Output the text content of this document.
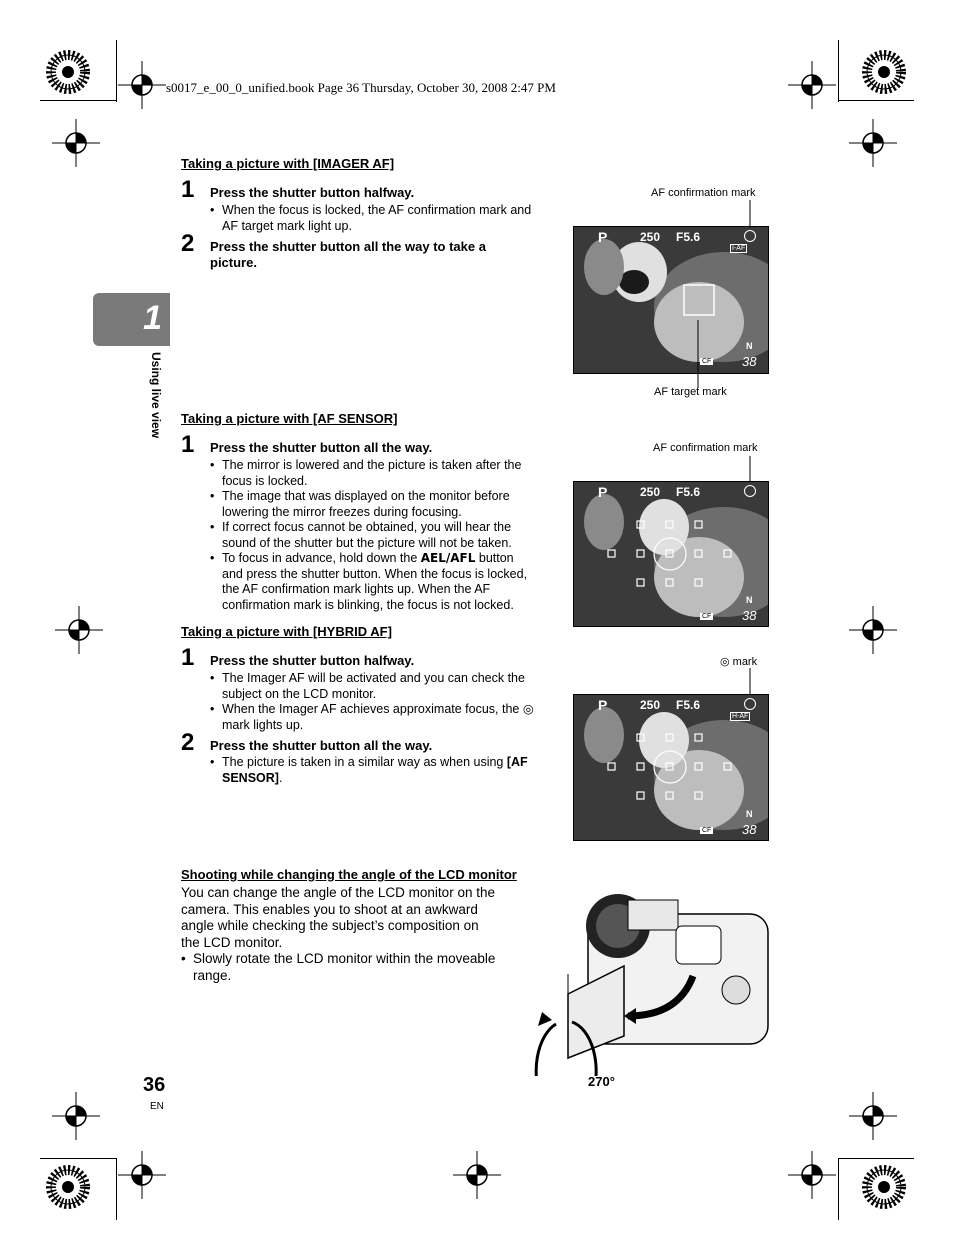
s0017_e_00_0_unified.book Page 36 Thursday, October 30, 2008 2:47 PM
1
Using live view
Taking a picture with [IMAGER AF]
1 Press the shutter button halfway.
• When the focus is locked, the AF confirmation mark and
AF target mark light up.
2 Press the shutter button all the way to take a
picture.
Taking a picture with [AF SENSOR]
1 Press the shutter button all the way.
• The mirror is lowered and the picture is taken after the
focus is locked.
• The image that was displayed on the monitor before
lowering the mirror freezes during focusing.
• If correct focus cannot be obtained, you will hear the
sound of the shutter but the picture will not be taken.
• To focus in advance, hold down the AEL/AFL button
and press the shutter button. When the focus is locked,
the AF confirmation mark lights up. When the AF
confirmation mark is blinking, the focus is not locked.
Taking a picture with [HYBRID AF]
1 Press the shutter button halfway.
• The Imager AF will be activated and you can check the
subject on the LCD monitor.
• When the Imager AF achieves approximate focus, the ◎
mark lights up.
2 Press the shutter button all the way.
• The picture is taken in a similar way as when using [AF
SENSOR].
Shooting while changing the angle of the LCD monitor
You can change the angle of the LCD monitor on the
camera. This enables you to shoot at an awkward
angle while checking the subject’s composition on
the LCD monitor.
• Slowly rotate the LCD monitor within the moveable
range.
AF confirmation mark
AF target mark
AF confirmation mark
◎ mark
P	250 F5.6
I-AF
N
CF 38
P	250 F5.6
N
CF 38
P	250 F5.6
H-AF
N
CF 38
270°
36
EN
